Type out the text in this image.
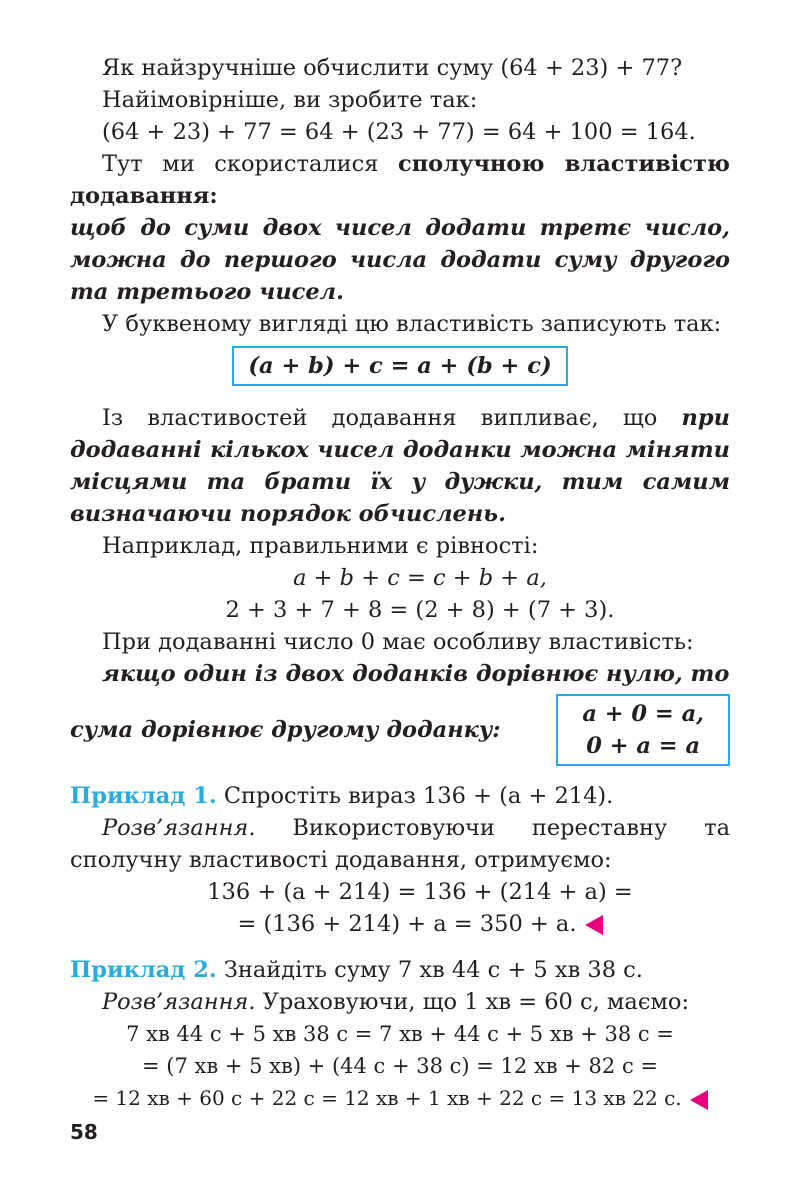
Як найзручніше обчислити суму (64 + 23) + 77?

Найімовірніше, ви зробите так:

(64 + 23) + 77 = 64 + (23 + 77) = 64 + 100 = 164.

Тут ми скористалися сполучною властивістю додавання:

щоб до суми двох чисел додати третє число, можна до першого числа додати суму другого та третього чисел.

У буквеному вигляді цю властивість записують так:

(a + b) + c = a + (b + c)

Із властивостей додавання випливає, що при додаванні кількох чисел доданки можна міняти місцями та брати їх у дужки, тим самим визначаючи порядок обчислень.

Наприклад, правильними є рівності:

a + b + c = c + b + a,

2 + 3 + 7 + 8 = (2 + 8) + (7 + 3).

При додаванні число 0 має особливу властивість:

якщо один із двох доданків дорівнює нулю, то

сума дорівнює другому доданку:
a + 0 = a,
0 + a = a

Приклад 1. Спростіть вираз 136 + (a + 214).

Розв’язання. Використовуючи переставну та сполучну властивості додавання, отримуємо:

136 + (a + 214) = 136 + (214 + a) =

= (136 + 214) + a = 350 + a.

Приклад 2. Знайдіть суму 7 хв 44 с + 5 хв 38 с.

Розв’язання. Ураховуючи, що 1 хв = 60 с, маємо:

7 хв 44 с + 5 хв 38 с = 7 хв + 44 с + 5 хв + 38 с =

= (7 хв + 5 хв) + (44 с + 38 с) = 12 хв + 82 с =

= 12 хв + 60 с + 22 с = 12 хв + 1 хв + 22 с = 13 хв 22 с.

58
